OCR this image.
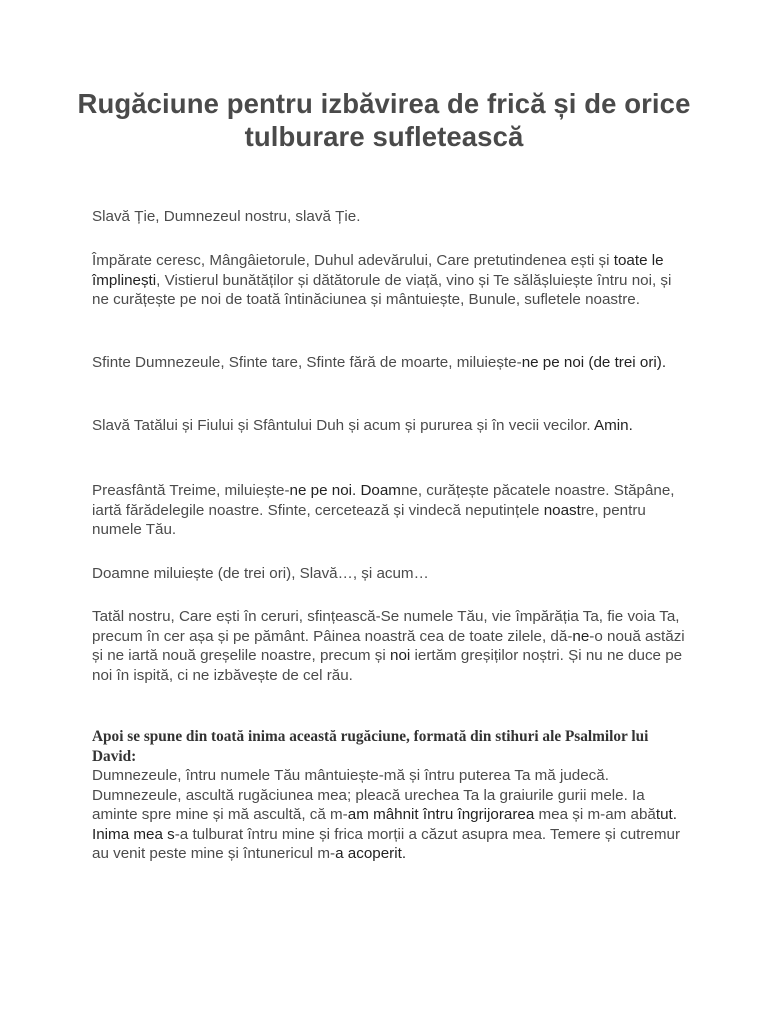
Rugăciune pentru izbăvirea de frică și de orice tulburare sufletească

Slavă Ție, Dumnezeul nostru, slavă Ție.

Împărate ceresc, Mângâietorule, Duhul adevărului, Care pretutindenea ești și toate le împlinești, Vistierul bunătăților și dătătorule de viață, vino și Te sălășluiește întru noi, și ne curățește pe noi de toată întinăciunea și mântuiește, Bunule, sufletele noastre.

Sfinte Dumnezeule, Sfinte tare, Sfinte fără de moarte, miluiește-ne pe noi (de trei ori).

Slavă Tatălui și Fiului și Sfântului Duh și acum și pururea și în vecii vecilor. Amin.

Preasfântă Treime, miluiește-ne pe noi. Doamne, curățește păcatele noastre. Stăpâne, iartă fărădelegile noastre. Sfinte, cercetează și vindecă neputințele noastre, pentru numele Tău.

Doamne miluiește (de trei ori), Slavă…, și acum…

Tatăl nostru, Care ești în ceruri, sfințească-Se numele Tău, vie împărăția Ta, fie voia Ta, precum în cer așa și pe pământ. Pâinea noastră cea de toate zilele, dă-ne-o nouă astăzi și ne iartă nouă greșelile noastre, precum și noi iertăm greșiților noștri. Și nu ne duce pe noi în ispită, ci ne izbăvește de cel rău.

Apoi se spune din toată inima această rugăciune, formată din stihuri ale Psalmilor lui David:
Dumnezeule, întru numele Tău mântuiește-mă și întru puterea Ta mă judecă. Dumnezeule, ascultă rugăciunea mea; pleacă urechea Ta la graiurile gurii mele. Ia aminte spre mine și mă ascultă, că m-am mâhnit întru îngrijorarea mea și m-am abătut. Inima mea s-a tulburat întru mine și frica morții a căzut asupra mea. Temere și cutremur au venit peste mine și întunericul m-a acoperit.
